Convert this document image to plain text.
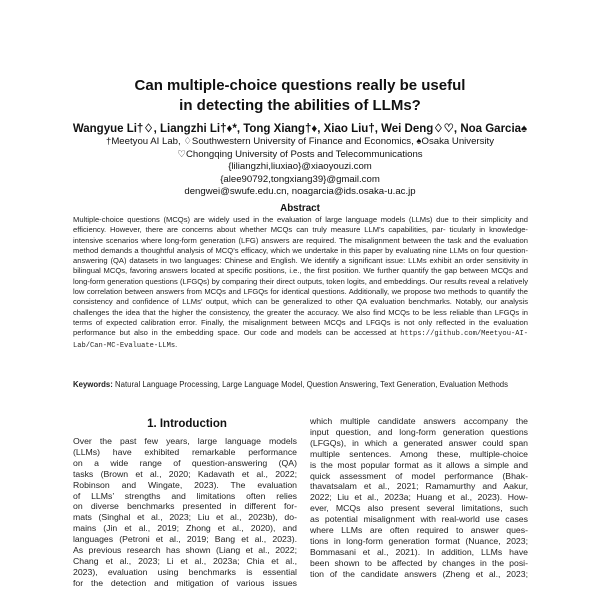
Can multiple-choice questions really be useful
in detecting the abilities of LLMs?
Wangyue Li†♢, Liangzhi Li†♦*, Tong Xiang†♦, Xiao Liu†, Wei Deng♢♡, Noa Garcia♠
†Meetyou AI Lab, ♢Southwestern University of Finance and Economics, ♠Osaka University
♡Chongqing University of Posts and Telecommunications
{liliangzhi,liuxiao}@xiaoyouzi.com
{alee90792,tongxiang39}@gmail.com
dengwei@swufe.edu.cn, noagarcia@ids.osaka-u.ac.jp
Abstract
Multiple-choice questions (MCQs) are widely used in the evaluation of large language models (LLMs) due to their simplicity and efficiency. However, there are concerns about whether MCQs can truly measure LLM’s capabilities, par- ticularly in knowledge-intensive scenarios where long-form generation (LFG) answers are required. The misalignment between the task and the evaluation method demands a thoughtful analysis of MCQ’s efficacy, which we undertake in this paper by evaluating nine LLMs on four question-answering (QA) datasets in two languages: Chinese and English. We identify a significant issue: LLMs exhibit an order sensitivity in bilingual MCQs, favoring answers located at specific positions, i.e., the first position. We further quantify the gap between MCQs and long-form generation questions (LFGQs) by comparing their direct outputs, token logits, and embeddings. Our results reveal a relatively low correlation between answers from MCQs and LFGQs for identical questions. Additionally, we propose two methods to quantify the consistency and confidence of LLMs’ output, which can be generalized to other QA evaluation benchmarks. Notably, our analysis challenges the idea that the higher the consistency, the greater the accuracy. We also find MCQs to be less reliable than LFGQs in terms of expected calibration error. Finally, the misalignment between MCQs and LFGQs is not only reflected in the evaluation performance but also in the embedding space. Our code and models can be accessed at https://github.com/Meetyou-AI-Lab/Can-MC-Evaluate-LLMs.
Keywords: Natural Language Processing, Large Language Model, Question Answering, Text Generation, Evaluation Methods
1. Introduction
Over the past few years, large language models
(LLMs) have exhibited remarkable performance
on a wide range of question-answering (QA)
tasks (Brown et al., 2020; Kadavath et al., 2022;
Robinson and Wingate, 2023). The evaluation
of LLMs’ strengths and limitations often relies
on diverse benchmarks presented in different for-
mats (Singhal et al., 2023; Liu et al., 2023b), do-
mains (Jin et al., 2019; Zhong et al., 2020), and
languages (Petroni et al., 2019; Bang et al., 2023).
As previous research has shown (Liang et al., 2022;
Chang et al., 2023; Li et al., 2023a; Chia et al.,
2023), evaluation using benchmarks is essential
for the detection and mitigation of various issues
which multiple candidate answers accompany the
input question, and long-form generation questions
(LFGQs), in which a generated answer could span
multiple sentences. Among these, multiple-choice
is the most popular format as it allows a simple and
quick assessment of model performance (Bhak-
thavatsalam et al., 2021; Ramamurthy and Aakur,
2022; Liu et al., 2023a; Huang et al., 2023). How-
ever, MCQs also present several limitations, such
as potential misalignment with real-world use cases
where LLMs are often required to answer ques-
tions in long-form generation format (Nuance, 2023;
Bommasani et al., 2021). In addition, LLMs have
been shown to be affected by changes in the posi-
tion of the candidate answers (Zheng et al., 2023;
